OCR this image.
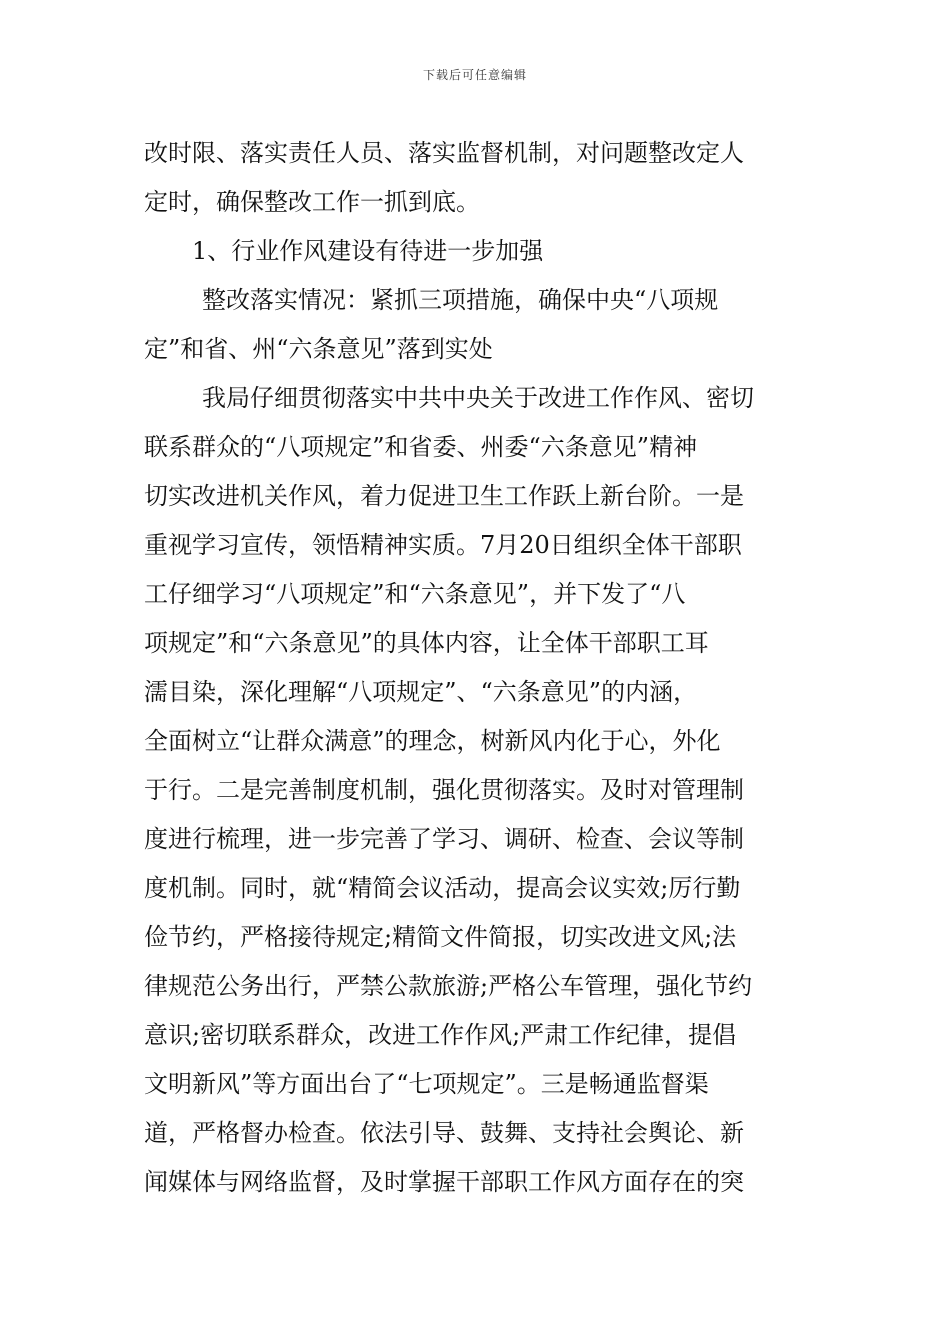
下载后可任意编辑
改时限、落实责任人员、落实监督机制，对问题整改定人
定时，确保整改工作一抓到底。
1、行业作风建设有待进一步加强
整改落实情况：紧抓三项措施，确保中央“八项规
定”和省、州“六条意见”落到实处
我局仔细贯彻落实中共中央关于改进工作作风、密切
联系群众的“八项规定”和省委、州委“六条意见”精神
切实改进机关作风，着力促进卫生工作跃上新台阶。一是
重视学习宣传，领悟精神实质。7月20日组织全体干部职
工仔细学习“八项规定”和“六条意见”，并下发了“八
项规定”和“六条意见”的具体内容，让全体干部职工耳
濡目染，深化理解“八项规定”、“六条意见”的内涵，
全面树立“让群众满意”的理念，树新风内化于心，外化
于行。二是完善制度机制，强化贯彻落实。及时对管理制
度进行梳理，进一步完善了学习、调研、检查、会议等制
度机制。同时，就“精简会议活动，提高会议实效;厉行勤
俭节约，严格接待规定;精简文件简报，切实改进文风;法
律规范公务出行，严禁公款旅游;严格公车管理，强化节约
意识;密切联系群众，改进工作作风;严肃工作纪律，提倡
文明新风”等方面出台了“七项规定”。三是畅通监督渠
道，严格督办检查。依法引导、鼓舞、支持社会舆论、新
闻媒体与网络监督，及时掌握干部职工作风方面存在的突
